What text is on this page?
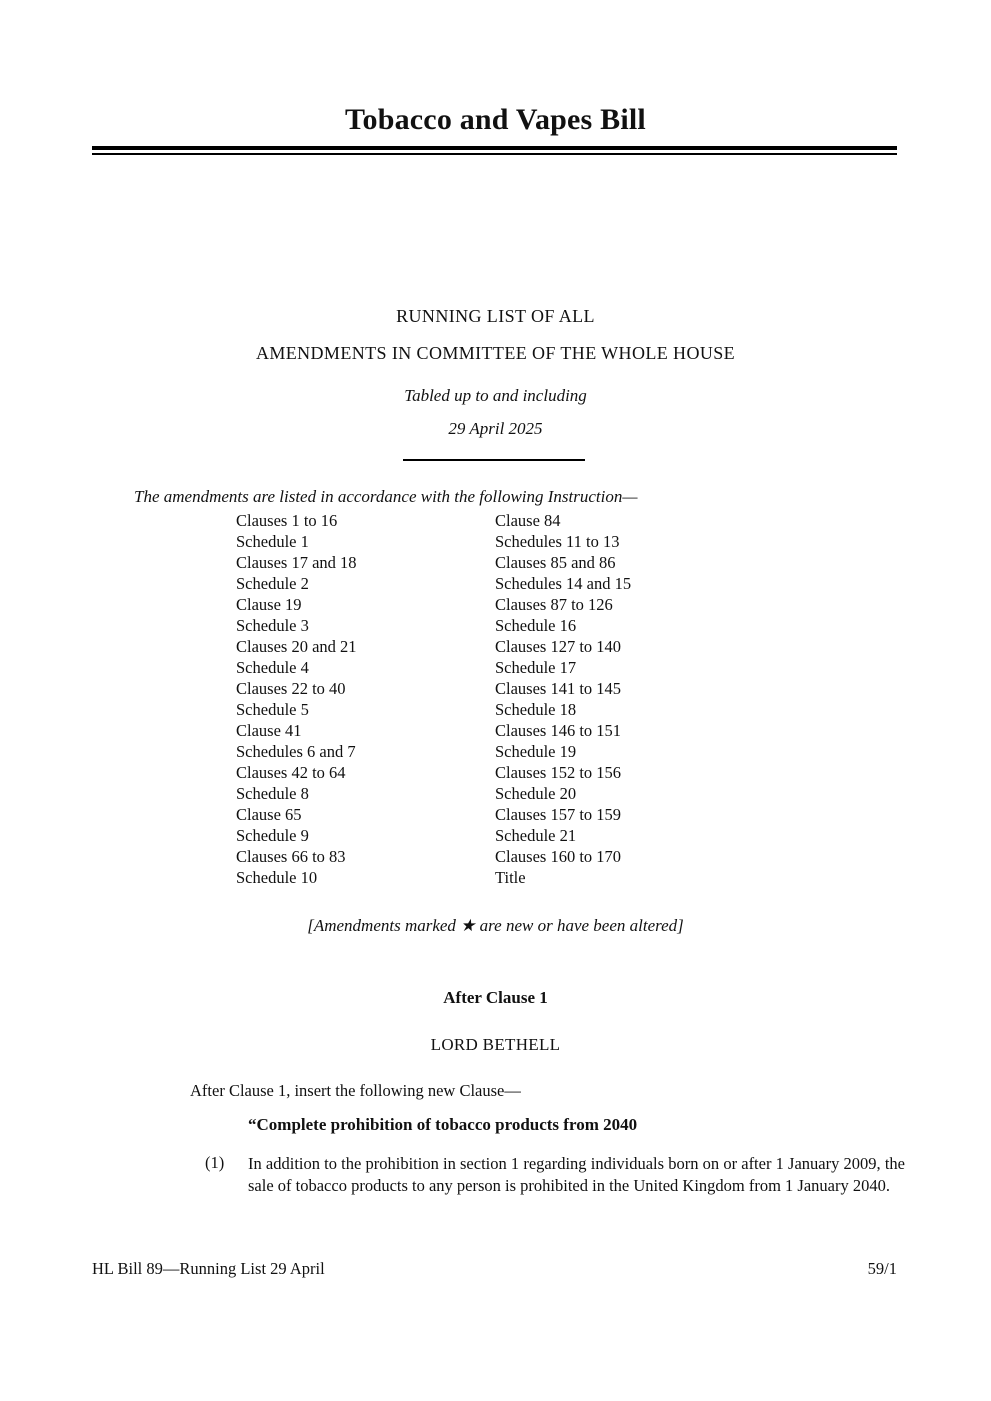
Tobacco and Vapes Bill
RUNNING LIST OF ALL
AMENDMENTS IN COMMITTEE OF THE WHOLE HOUSE
Tabled up to and including
29 April 2025
The amendments are listed in accordance with the following Instruction—
Clauses 1 to 16
Schedule 1
Clauses 17 and 18
Schedule 2
Clause 19
Schedule 3
Clauses 20 and 21
Schedule 4
Clauses 22 to 40
Schedule 5
Clause 41
Schedules 6 and 7
Clauses 42 to 64
Schedule 8
Clause 65
Schedule 9
Clauses 66 to 83
Schedule 10
Clause 84
Schedules 11 to 13
Clauses 85 and 86
Schedules 14 and 15
Clauses 87 to 126
Schedule 16
Clauses 127 to 140
Schedule 17
Clauses 141 to 145
Schedule 18
Clauses 146 to 151
Schedule 19
Clauses 152 to 156
Schedule 20
Clauses 157 to 159
Schedule 21
Clauses 160 to 170
Title
[Amendments marked ★ are new or have been altered]
After Clause 1
LORD BETHELL
After Clause 1, insert the following new Clause—
“Complete prohibition of tobacco products from 2040
(1)	In addition to the prohibition in section 1 regarding individuals born on or after 1 January 2009, the sale of tobacco products to any person is prohibited in the United Kingdom from 1 January 2040.
HL Bill 89—Running List 29 April	59/1
